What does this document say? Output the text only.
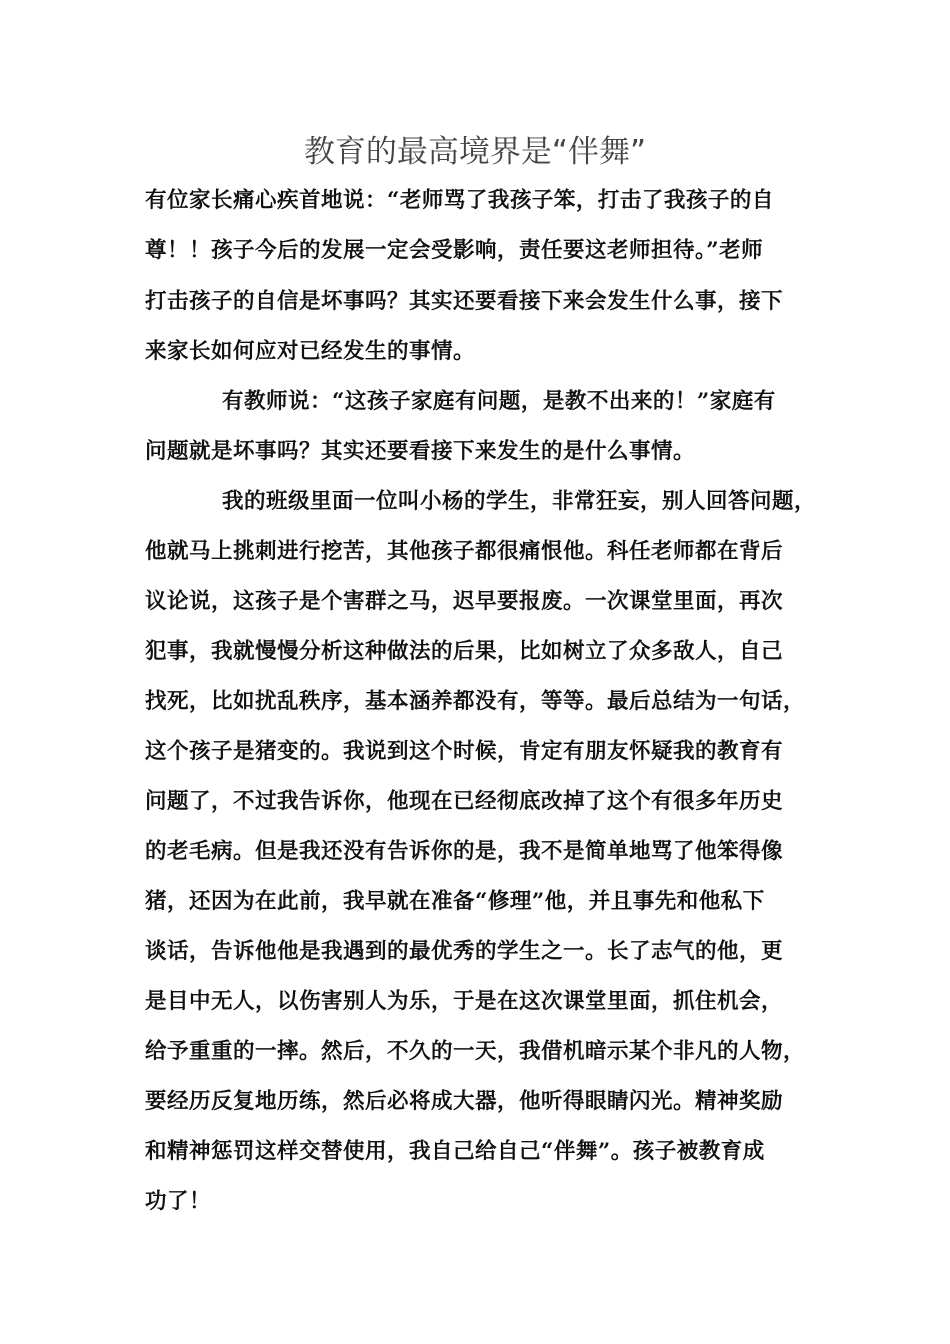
教育的最高境界是“伴舞”
有位家长痛心疾首地说：“老师骂了我孩子笨，打击了我孩子的自
尊！！孩子今后的发展一定会受影响，责任要这老师担待。”老师
打击孩子的自信是坏事吗？其实还要看接下来会发生什么事，接下
来家长如何应对已经发生的事情。
有教师说：“这孩子家庭有问题，是教不出来的！”家庭有
问题就是坏事吗？其实还要看接下来发生的是什么事情。
我的班级里面一位叫小杨的学生，非常狂妄，别人回答问题，
他就马上挑刺进行挖苦，其他孩子都很痛恨他。科任老师都在背后
议论说，这孩子是个害群之马，迟早要报废。一次课堂里面，再次
犯事，我就慢慢分析这种做法的后果，比如树立了众多敌人，自己
找死，比如扰乱秩序，基本涵养都没有，等等。最后总结为一句话，
这个孩子是猪变的。我说到这个时候，肯定有朋友怀疑我的教育有
问题了，不过我告诉你，他现在已经彻底改掉了这个有很多年历史
的老毛病。但是我还没有告诉你的是，我不是简单地骂了他笨得像
猪，还因为在此前，我早就在准备“修理”他，并且事先和他私下
谈话，告诉他他是我遇到的最优秀的学生之一。长了志气的他，更
是目中无人，以伤害别人为乐，于是在这次课堂里面，抓住机会，
给予重重的一摔。然后，不久的一天，我借机暗示某个非凡的人物，
要经历反复地历练，然后必将成大器，他听得眼睛闪光。精神奖励
和精神惩罚这样交替使用，我自己给自己“伴舞”。孩子被教育成
功了！
